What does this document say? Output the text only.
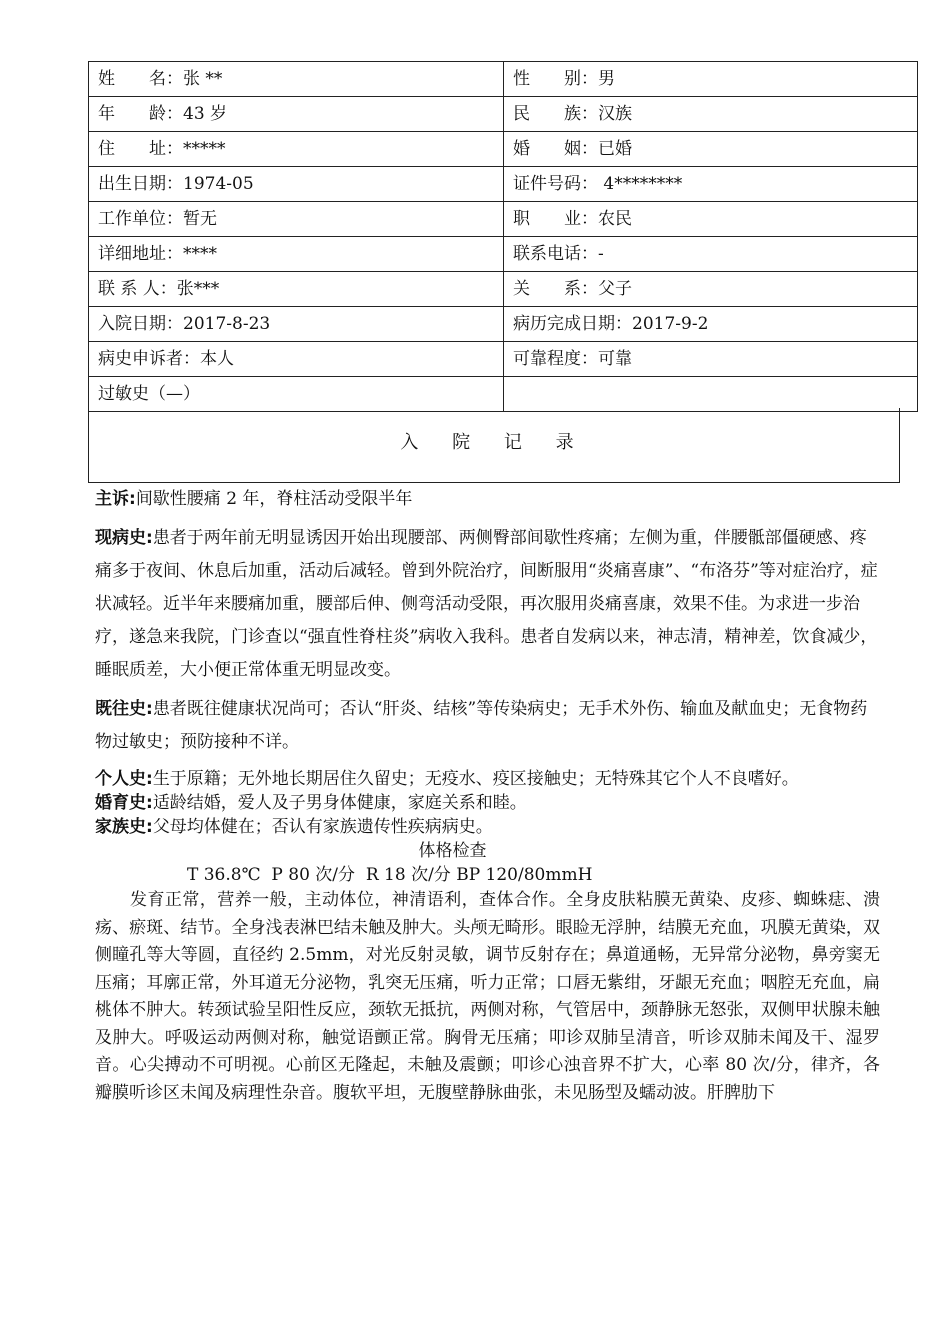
姓　　名：张 **	性　　别：男
年　　龄：43 岁	民　　族：汉族
住　　址：*****	婚　　姻：已婚
出生日期：1974-05	证件号码： 4********
工作单位：暂无	职　　业：农民
详细地址：****	联系电话：-
联 系 人：张***	关　　系：父子
入院日期：2017-8-23	病历完成日期：2017-9-2
病史申诉者：本人	可靠程度：可靠
过敏史（—）	
入 院 记 录
主诉:间歇性腰痛 2 年，脊柱活动受限半年
现病史:患者于两年前无明显诱因开始出现腰部、两侧臀部间歇性疼痛；左侧为重，伴腰骶部僵硬感、疼痛多于夜间、休息后加重，活动后减轻。曾到外院治疗，间断服用“炎痛喜康”、“布洛芬”等对症治疗，症状减轻。近半年来腰痛加重，腰部后伸、侧弯活动受限，再次服用炎痛喜康，效果不佳。为求进一步治疗，遂急来我院，门诊查以“强直性脊柱炎”病收入我科。患者自发病以来，神志清，精神差，饮食减少，睡眠质差，大小便正常体重无明显改变。
既往史:患者既往健康状况尚可；否认“肝炎、结核”等传染病史；无手术外伤、输血及献血史；无食物药物过敏史；预防接种不详。
个人史:生于原籍；无外地长期居住久留史；无疫水、疫区接触史；无特殊其它个人不良嗜好。
婚育史:适龄结婚，爱人及子男身体健康，家庭关系和睦。
家族史:父母均体健在；否认有家族遗传性疾病病史。
体格检查
T 36.8℃  P 80 次/分  R 18 次/分 BP 120/80mmH
发育正常，营养一般，主动体位，神清语利，查体合作。全身皮肤粘膜无黄染、皮疹、蜘蛛痣、溃疡、瘀斑、结节。全身浅表淋巴结未触及肿大。头颅无畸形。眼睑无浮肿，结膜无充血，巩膜无黄染，双侧瞳孔等大等圆，直径约 2.5mm，对光反射灵敏，调节反射存在；鼻道通畅，无异常分泌物，鼻旁窦无压痛；耳廓正常，外耳道无分泌物，乳突无压痛，听力正常；口唇无紫绀，牙龈无充血；咽腔无充血，扁桃体不肿大。转颈试验呈阳性反应，颈软无抵抗，两侧对称，气管居中，颈静脉无怒张，双侧甲状腺未触及肿大。呼吸运动两侧对称，触觉语颤正常。胸骨无压痛；叩诊双肺呈清音，听诊双肺未闻及干、湿罗音。心尖搏动不可明视。心前区无隆起，未触及震颤；叩诊心浊音界不扩大，心率 80 次/分，律齐，各瓣膜听诊区未闻及病理性杂音。腹软平坦，无腹壁静脉曲张，未见肠型及蠕动波。肝脾肋下
